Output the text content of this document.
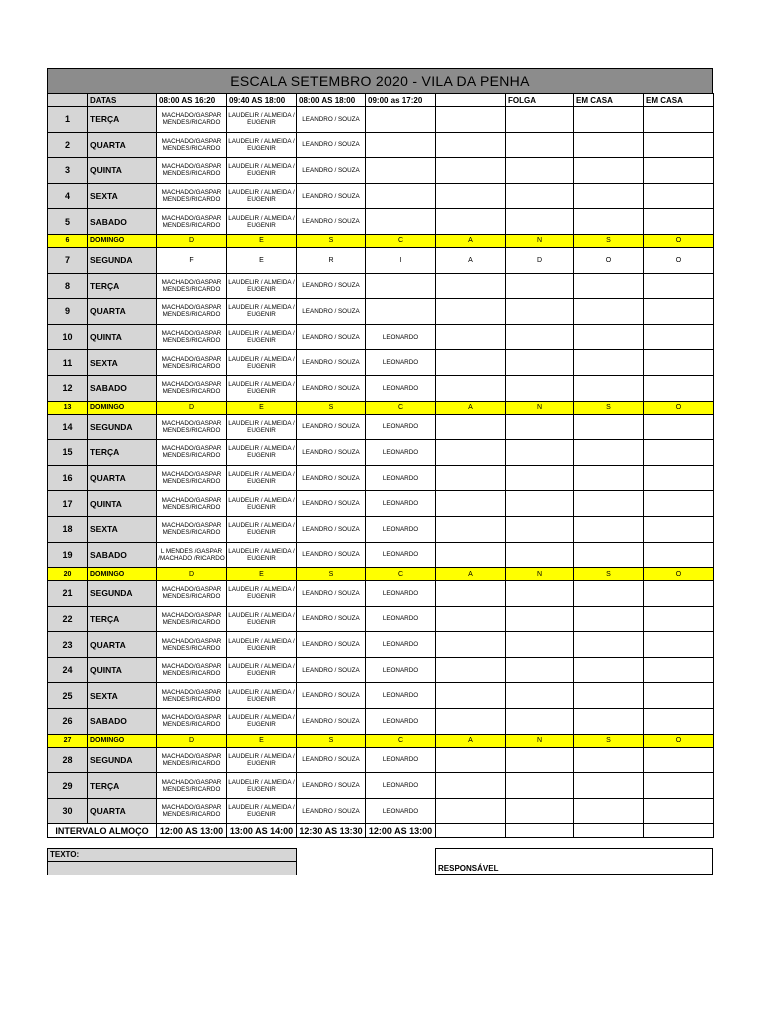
ESCALA SETEMBRO 2020 - VILA DA PENHA
	DATAS	08:00 AS 16:20	09:40 AS 18:00	08:00 AS 18:00	09:00 as 17:20		FOLGA	EM CASA	EM CASA
1	TERÇA	MACHADO/GASPAR MENDES/RICARDO	LAUDELIR / ALMEIDA / EUGENIR	LEANDRO / SOUZA					

2	QUARTA	MACHADO/GASPAR MENDES/RICARDO	LAUDELIR / ALMEIDA / EUGENIR	LEANDRO / SOUZA					

3	QUINTA	MACHADO/GASPAR MENDES/RICARDO	LAUDELIR / ALMEIDA / EUGENIR	LEANDRO / SOUZA					

4	SEXTA	MACHADO/GASPAR MENDES/RICARDO	LAUDELIR / ALMEIDA / EUGENIR	LEANDRO / SOUZA					

5	SABADO	MACHADO/GASPAR MENDES/RICARDO	LAUDELIR / ALMEIDA / EUGENIR	LEANDRO / SOUZA					

6	DOMINGO	D	E	S	C	A	N	S	O
7	SEGUNDA	F	E	R	I	A	D	O	O
8	TERÇA	MACHADO/GASPAR MENDES/RICARDO	LAUDELIR / ALMEIDA / EUGENIR	LEANDRO / SOUZA					

9	QUARTA	MACHADO/GASPAR MENDES/RICARDO	LAUDELIR / ALMEIDA / EUGENIR	LEANDRO / SOUZA					

10	QUINTA	MACHADO/GASPAR MENDES/RICARDO	LAUDELIR / ALMEIDA / EUGENIR	LEANDRO / SOUZA	LEONARDO				

11	SEXTA	MACHADO/GASPAR MENDES/RICARDO	LAUDELIR / ALMEIDA / EUGENIR	LEANDRO / SOUZA	LEONARDO				

12	SABADO	MACHADO/GASPAR MENDES/RICARDO	LAUDELIR / ALMEIDA / EUGENIR	LEANDRO / SOUZA	LEONARDO				

13	DOMINGO	D	E	S	C	A	N	S	O
14	SEGUNDA	MACHADO/GASPAR MENDES/RICARDO	LAUDELIR / ALMEIDA / EUGENIR	LEANDRO / SOUZA	LEONARDO				

15	TERÇA	MACHADO/GASPAR MENDES/RICARDO	LAUDELIR / ALMEIDA / EUGENIR	LEANDRO / SOUZA	LEONARDO				

16	QUARTA	MACHADO/GASPAR MENDES/RICARDO	LAUDELIR / ALMEIDA / EUGENIR	LEANDRO / SOUZA	LEONARDO				

17	QUINTA	MACHADO/GASPAR MENDES/RICARDO	LAUDELIR / ALMEIDA / EUGENIR	LEANDRO / SOUZA	LEONARDO				

18	SEXTA	MACHADO/GASPAR MENDES/RICARDO	LAUDELIR / ALMEIDA / EUGENIR	LEANDRO / SOUZA	LEONARDO				

19	SABADO	L MENDES /GASPAR /MACHADO /RICARDO	LAUDELIR / ALMEIDA / EUGENIR	LEANDRO / SOUZA	LEONARDO				

20	DOMINGO	D	E	S	C	A	N	S	O
21	SEGUNDA	MACHADO/GASPAR MENDES/RICARDO	LAUDELIR / ALMEIDA / EUGENIR	LEANDRO / SOUZA	LEONARDO				

22	TERÇA	MACHADO/GASPAR MENDES/RICARDO	LAUDELIR / ALMEIDA / EUGENIR	LEANDRO / SOUZA	LEONARDO				

23	QUARTA	MACHADO/GASPAR MENDES/RICARDO	LAUDELIR / ALMEIDA / EUGENIR	LEANDRO / SOUZA	LEONARDO				

24	QUINTA	MACHADO/GASPAR MENDES/RICARDO	LAUDELIR / ALMEIDA / EUGENIR	LEANDRO / SOUZA	LEONARDO				

25	SEXTA	MACHADO/GASPAR MENDES/RICARDO	LAUDELIR / ALMEIDA / EUGENIR	LEANDRO / SOUZA	LEONARDO				

26	SABADO	MACHADO/GASPAR MENDES/RICARDO	LAUDELIR / ALMEIDA / EUGENIR	LEANDRO / SOUZA	LEONARDO				

27	DOMINGO	D	E	S	C	A	N	S	O
28	SEGUNDA	MACHADO/GASPAR MENDES/RICARDO	LAUDELIR / ALMEIDA / EUGENIR	LEANDRO / SOUZA	LEONARDO				

29	TERÇA	MACHADO/GASPAR MENDES/RICARDO	LAUDELIR / ALMEIDA / EUGENIR	LEANDRO / SOUZA	LEONARDO				

30	QUARTA	MACHADO/GASPAR MENDES/RICARDO	LAUDELIR / ALMEIDA / EUGENIR	LEANDRO / SOUZA	LEONARDO				

INTERVALO ALMOÇO		12:00 AS 13:00	13:00 AS 14:00	12:30 AS 13:30	12:00 AS 13:00				
TEXTO:
RESPONSÁVEL
